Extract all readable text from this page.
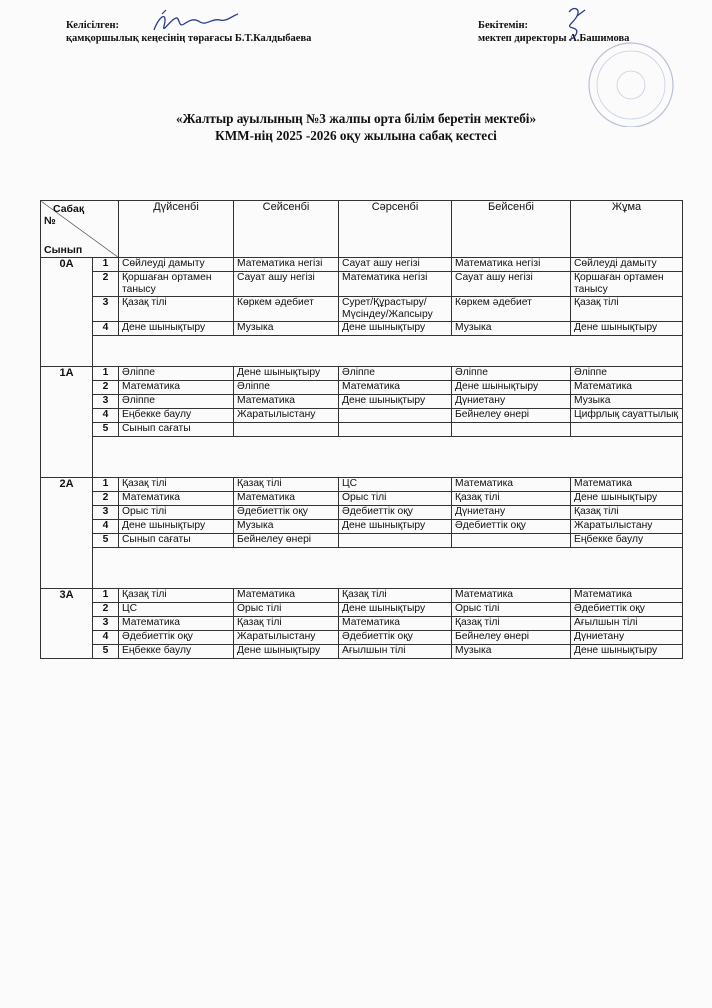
Келісілген:
қамқоршылық кеңесінің төрағасы Б.Т.Калдыбаева
Бекітемін:
мектеп директоры А.Башимова
«Жалтыр ауылының №3 жалпы орта білім беретін мектебі»
КММ-нің 2025 -2026 оқу жылына сабақ кестесі
Сабақ
№
Сынып		Дүйсенбі	Сейсенбі	Сәрсенбі	Бейсенбі	Жұма
0А	1	Сөйлеуді дамыту	Математика негізі	Сауат ашу негізі	Математика негізі	Сөйлеуді дамыту
	2	Қоршаған ортамен танысу	Сауат ашу негізі	Математика негізі	Сауат ашу негізі	Қоршаған ортамен танысу
	3	Қазақ тілі	Көркем әдебиет	Сурет/Құрастыру/ Мүсіндеу/Жапсыру	Көркем әдебиет	Қазақ тілі
	4	Дене шынықтыру	Музыка	Дене шынықтыру	Музыка	Дене шынықтыру

1А	1	Әліппе	Дене шынықтыру	Әліппе	Әліппе	Әліппе
	2	Математика	Әліппе	Математика	Дене шынықтыру	Математика
	3	Әліппе	Математика	Дене шынықтыру	Дүниетану	Музыка
	4	Еңбекке баулу	Жаратылыстану		Бейнелеу өнері	Цифрлық сауаттылық
	5	Сынып сағаты				

2А	1	Қазақ тілі	Қазақ тілі	ЦС	Математика	Математика
	2	Математика	Математика	Орыс тілі	Қазақ тілі	Дене шынықтыру
	3	Орыс тілі	Әдебиеттік оқу	Әдебиеттік оқу	Дүниетану	Қазақ тілі
	4	Дене шынықтыру	Музыка	Дене шынықтыру	Әдебиеттік оқу	Жаратылыстану
	5	Сынып сағаты	Бейнелеу өнері			Еңбекке баулу

3А	1	Қазақ тілі	Математика	Қазақ тілі	Математика	Математика
	2	ЦС	Орыс тілі	Дене шынықтыру	Орыс тілі	Әдебиеттік оқу
	3	Математика	Қазақ тілі	Математика	Қазақ тілі	Ағылшын тілі
	4	Әдебиеттік оқу	Жаратылыстану	Әдебиеттік оқу	Бейнелеу өнері	Дүниетану
	5	Еңбекке баулу	Дене шынықтыру	Ағылшын тілі	Музыка	Дене шынықтыру
